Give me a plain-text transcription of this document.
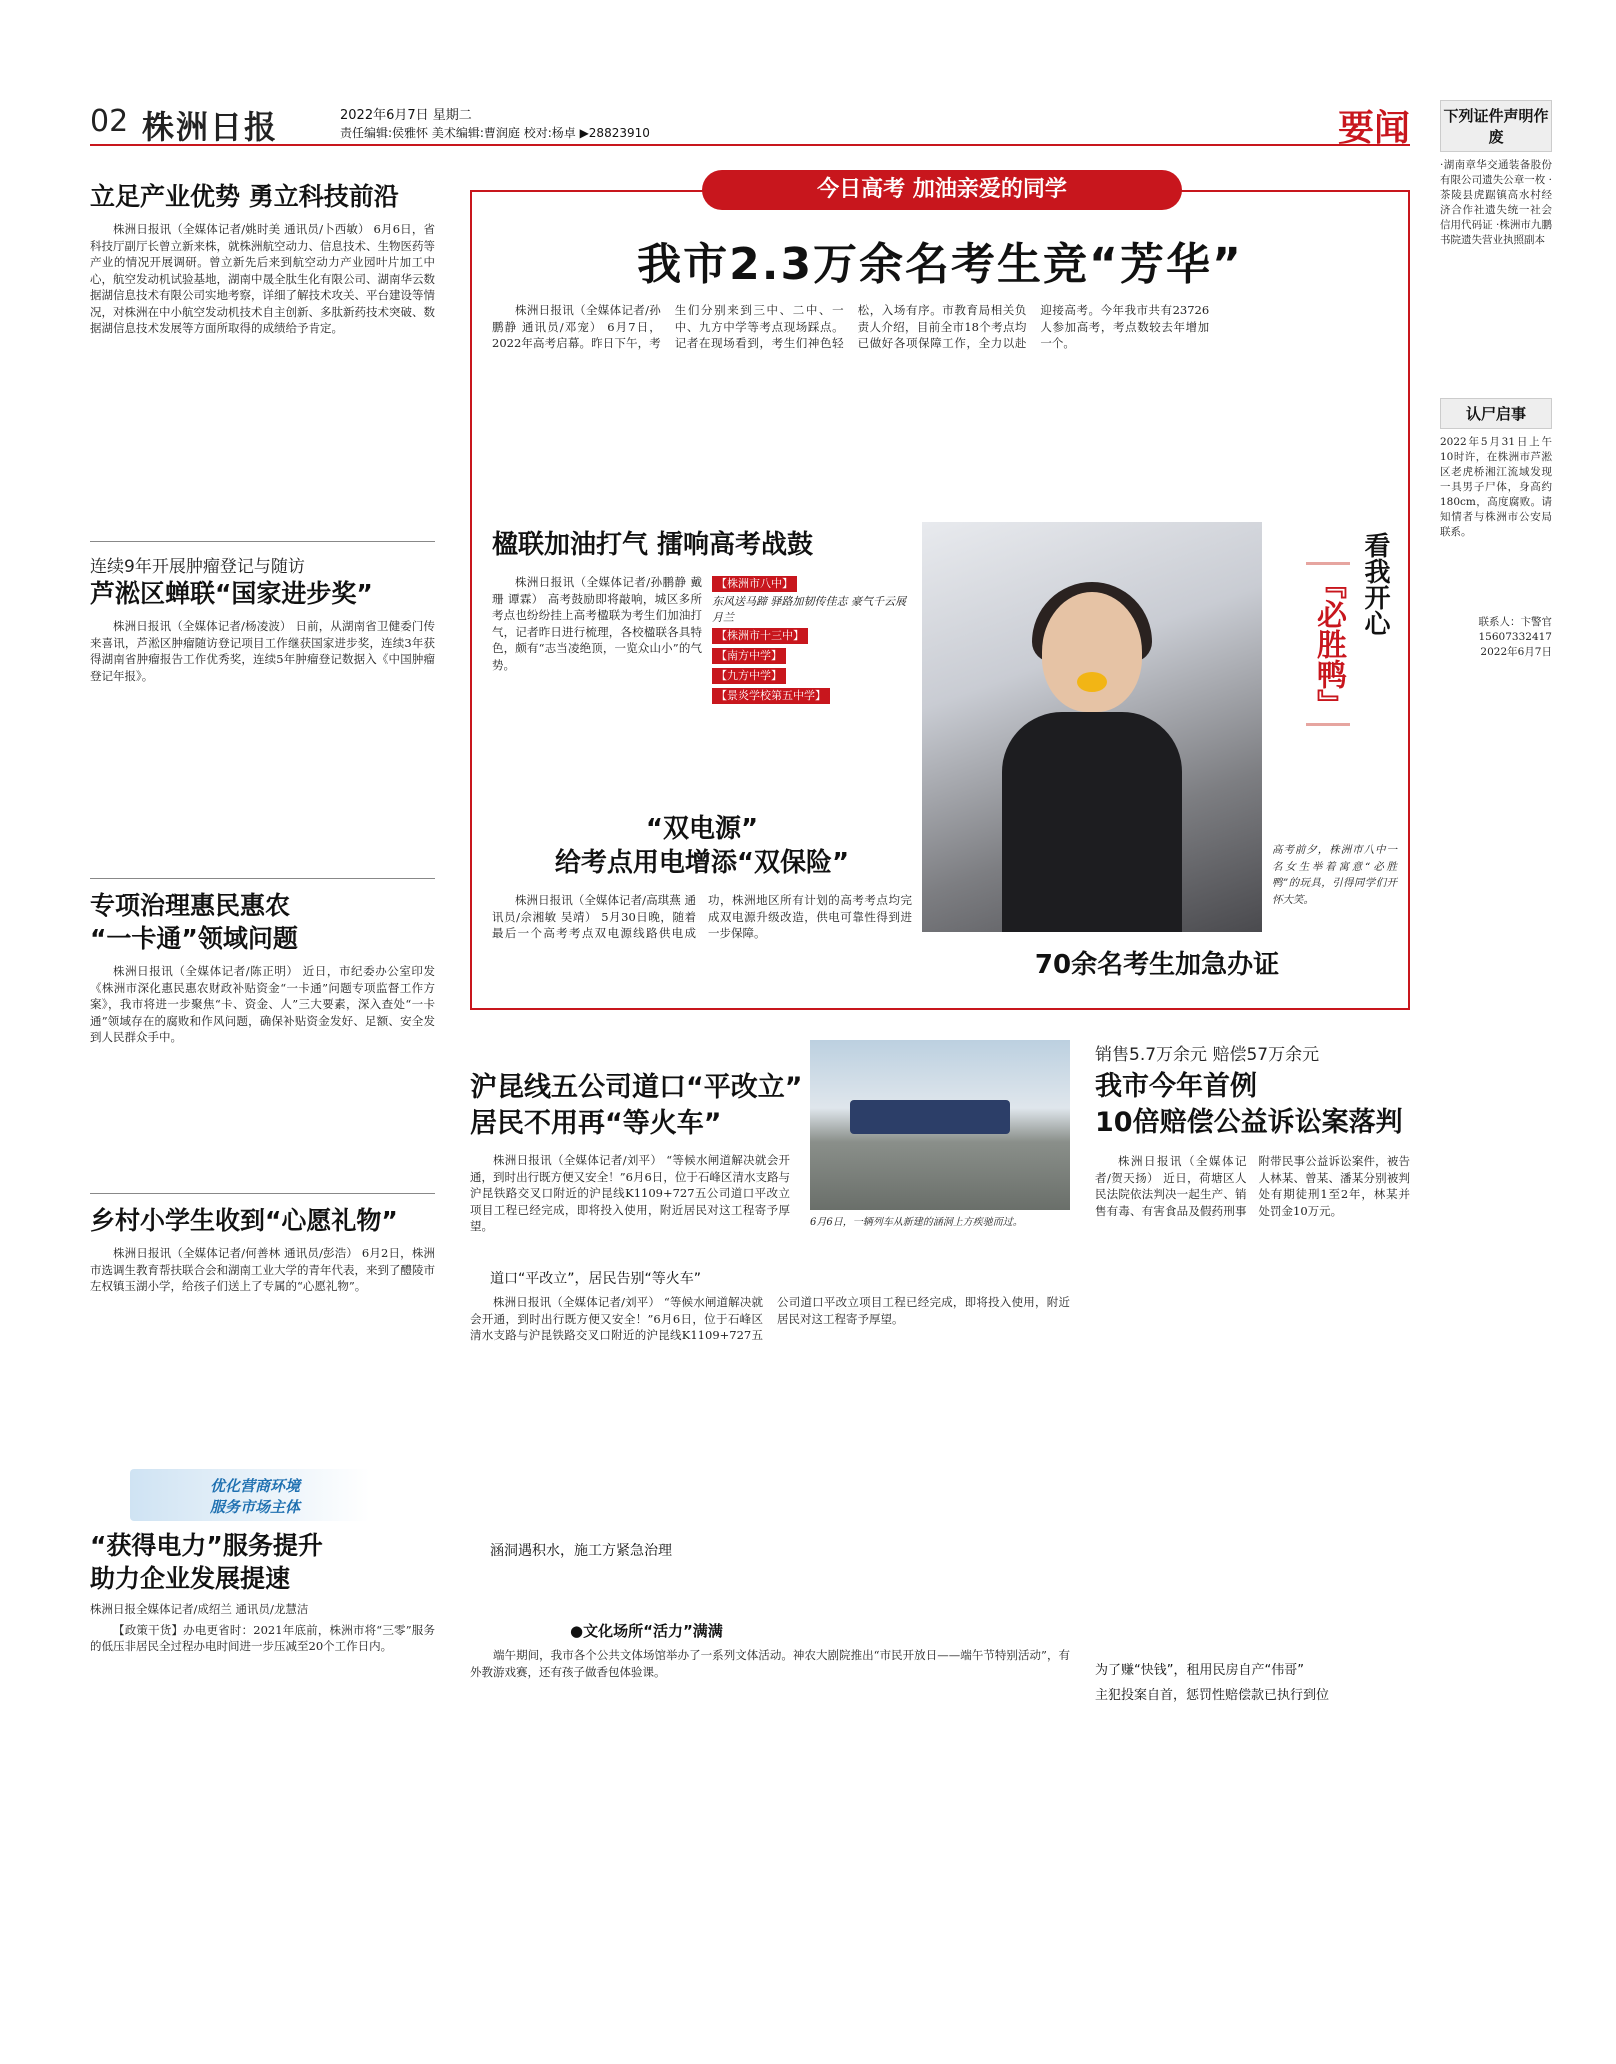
02 株洲日报	2022年6月7日 星期二
责任编辑:侯雅怀 美术编辑:曹润庭 校对:杨卓 ▶28823910	要闻
立足产业优势 勇立科技前沿

株洲日报讯（全媒体记者/姚时美 通讯员/卜西敏） 6月6日，省科技厅副厅长曾立新来株，就株洲航空动力、信息技术、生物医药等产业的情况开展调研。曾立新先后来到航空动力产业园叶片加工中心，航空发动机试验基地，湖南中晟全肽生化有限公司、湖南华云数据湖信息技术有限公司实地考察，详细了解技术攻关、平台建设等情况，对株洲在中小航空发动机技术自主创新、多肽新药技术突破、数据湖信息技术发展等方面所取得的成绩给予肯定。

连续9年开展肿瘤登记与随访
芦淞区蝉联“国家进步奖”

株洲日报讯（全媒体记者/杨凌波） 日前，从湖南省卫健委门传来喜讯，芦淞区肿瘤随访登记项目工作继获国家进步奖，连续3年获得湖南省肿瘤报告工作优秀奖，连续5年肿瘤登记数据入《中国肿瘤登记年报》。

专项治理惠民惠农
“一卡通”领域问题

株洲日报讯（全媒体记者/陈正明） 近日，市纪委办公室印发《株洲市深化惠民惠农财政补贴资金“一卡通”问题专项监督工作方案》，我市将进一步聚焦“卡、资金、人”三大要素，深入查处“一卡通”领域存在的腐败和作风问题，确保补贴资金发好、足额、安全发到人民群众手中。

乡村小学生收到“心愿礼物”

株洲日报讯（全媒体记者/何善林 通讯员/彭浩） 6月2日，株洲市选调生教育帮扶联合会和湖南工业大学的青年代表，来到了醴陵市左权镇玉湖小学，给孩子们送上了专属的“心愿礼物”。

优化营商环境
服务市场主体
“获得电力”服务提升
助力企业发展提速
株洲日报全媒体记者/成绍兰 通讯员/龙慧洁

【政策干货】办电更省时：2021年底前，株洲市将“三零”服务的低压非居民全过程办电时间进一步压减至20个工作日内。

今日高考 加油亲爱的同学
我市2.3万余名考生竞“芳华”

株洲日报讯（全媒体记者/孙鹏静 通讯员/邓宠） 6月7日，2022年高考启幕。昨日下午，考生们分别来到三中、二中、一中、九方中学等考点现场踩点。记者在现场看到，考生们神色轻松，入场有序。市教育局相关负责人介绍，目前全市18个考点均已做好各项保障工作，全力以赴迎接高考。今年我市共有23726人参加高考，考点数较去年增加一个。

楹联加油打气 擂响高考战鼓

株洲日报讯（全媒体记者/孙鹏静 戴珊 谭霖） 高考鼓励即将敲响，城区多所考点也纷纷挂上高考楹联为考生们加油打气，记者昨日进行梳理，各校楹联各具特色，颇有“志当凌绝顶，一览众山小”的气势。

【株洲市八中】
东风送马蹄 驿路加韧传佳志 豪气千云展月兰
【株洲市十三中】
【南方中学】
【九方中学】
【景炎学校第五中学】
看我开心
『必胜鸭』
高考前夕，株洲市八中一名女生举着寓意“必胜鸭”的玩具，引得同学们开怀大笑。
“双电源”
给考点用电增添“双保险”

株洲日报讯（全媒体记者/高琪燕 通讯员/佘湘敏 吴靖） 5月30日晚，随着最后一个高考考点双电源线路供电成功，株洲地区所有计划的高考考点均完成双电源升级改造，供电可靠性得到进一步保障。

70余名考生加急办证

下列证件声明作废
·湖南章华交通装备股份有限公司遗失公章一枚 ·茶陵县虎踞镇高水村经济合作社遗失统一社会信用代码证 ·株洲市九鹏书院遗失营业执照副本
认尸启事
2022年5月31日上午10时许，在株洲市芦淞区老虎桥湘江流域发现一具男子尸体，身高约180cm，高度腐败。请知情者与株洲市公安局联系。
联系人：卞警官 15607332417
2022年6月7日
沪昆线五公司道口“平改立”
居民不用再“等火车”

株洲日报讯（全媒体记者/刘平） “等候水闸道解决就会开通，到时出行既方便又安全！”6月6日，位于石峰区清水支路与沪昆铁路交叉口附近的沪昆线K1109+727五公司道口平改立项目工程已经完成，即将投入使用，附近居民对这工程寄予厚望。

道口“平改立”，居民告别“等火车”

株洲日报讯（全媒体记者/刘平） “等候水闸道解决就会开通，到时出行既方便又安全！”6月6日，位于石峰区清水支路与沪昆铁路交叉口附近的沪昆线K1109+727五公司道口平改立项目工程已经完成，即将投入使用，附近居民对这工程寄予厚望。

涵洞遇积水，施工方紧急治理
6月6日，一辆列车从新建的涵洞上方疾驰而过。
销售5.7万余元 赔偿57万余元
我市今年首例
10倍赔偿公益诉讼案落判

株洲日报讯（全媒体记者/贺天扬） 近日，荷塘区人民法院依法判决一起生产、销售有毒、有害食品及假药刑事附带民事公益诉讼案件，被告人林某、曾某、潘某分别被判处有期徒刑1至2年，林某并处罚金10万元。

为了赚“快钱”，租用民房自产“伟哥”
主犯投案自首，惩罚性赔偿款已执行到位
●文化场所“活力”满满

端午期间，我市各个公共文体场馆举办了一系列文体活动。神农大剧院推出“市民开放日——端午节特别活动”，有外教游戏赛，还有孩子做香包体验课。
